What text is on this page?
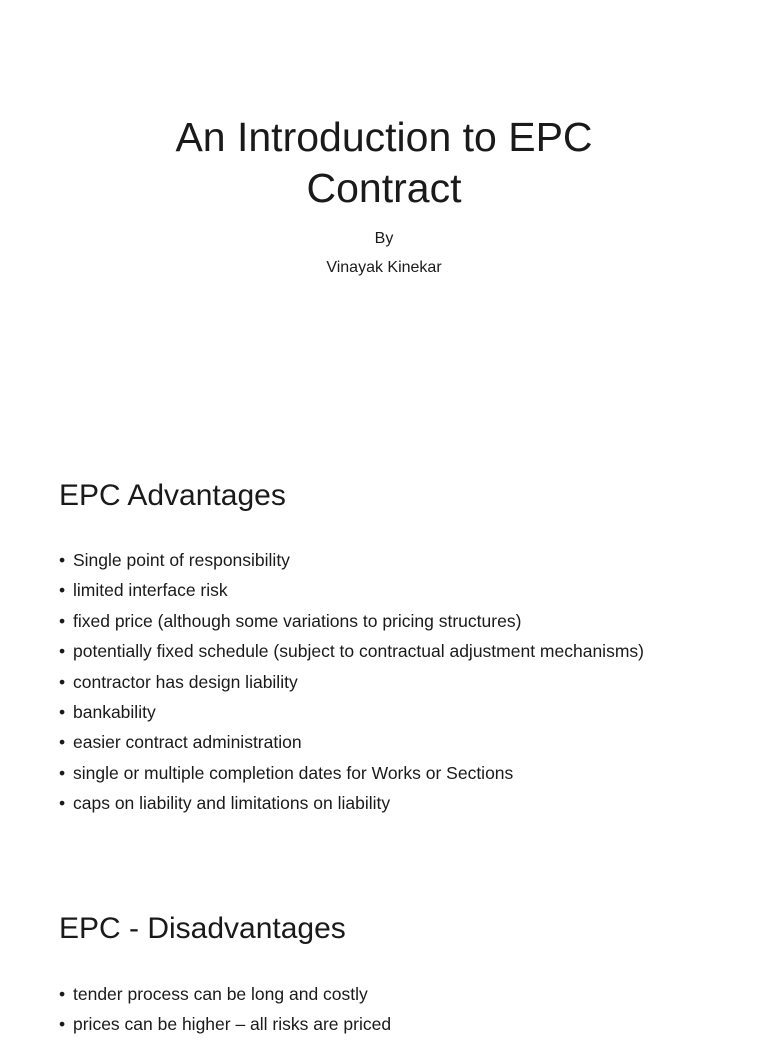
An Introduction to EPC
Contract
By
Vinayak Kinekar
EPC Advantages
• Single point of responsibility
• limited interface risk
• fixed price (although some variations to pricing structures)
• potentially fixed schedule (subject to contractual adjustment mechanisms)
• contractor has design liability
• bankability
• easier contract administration
• single or multiple completion dates for Works or Sections
• caps on liability and limitations on liability
EPC - Disadvantages
• tender process can be long and costly
• prices can be higher – all risks are priced
